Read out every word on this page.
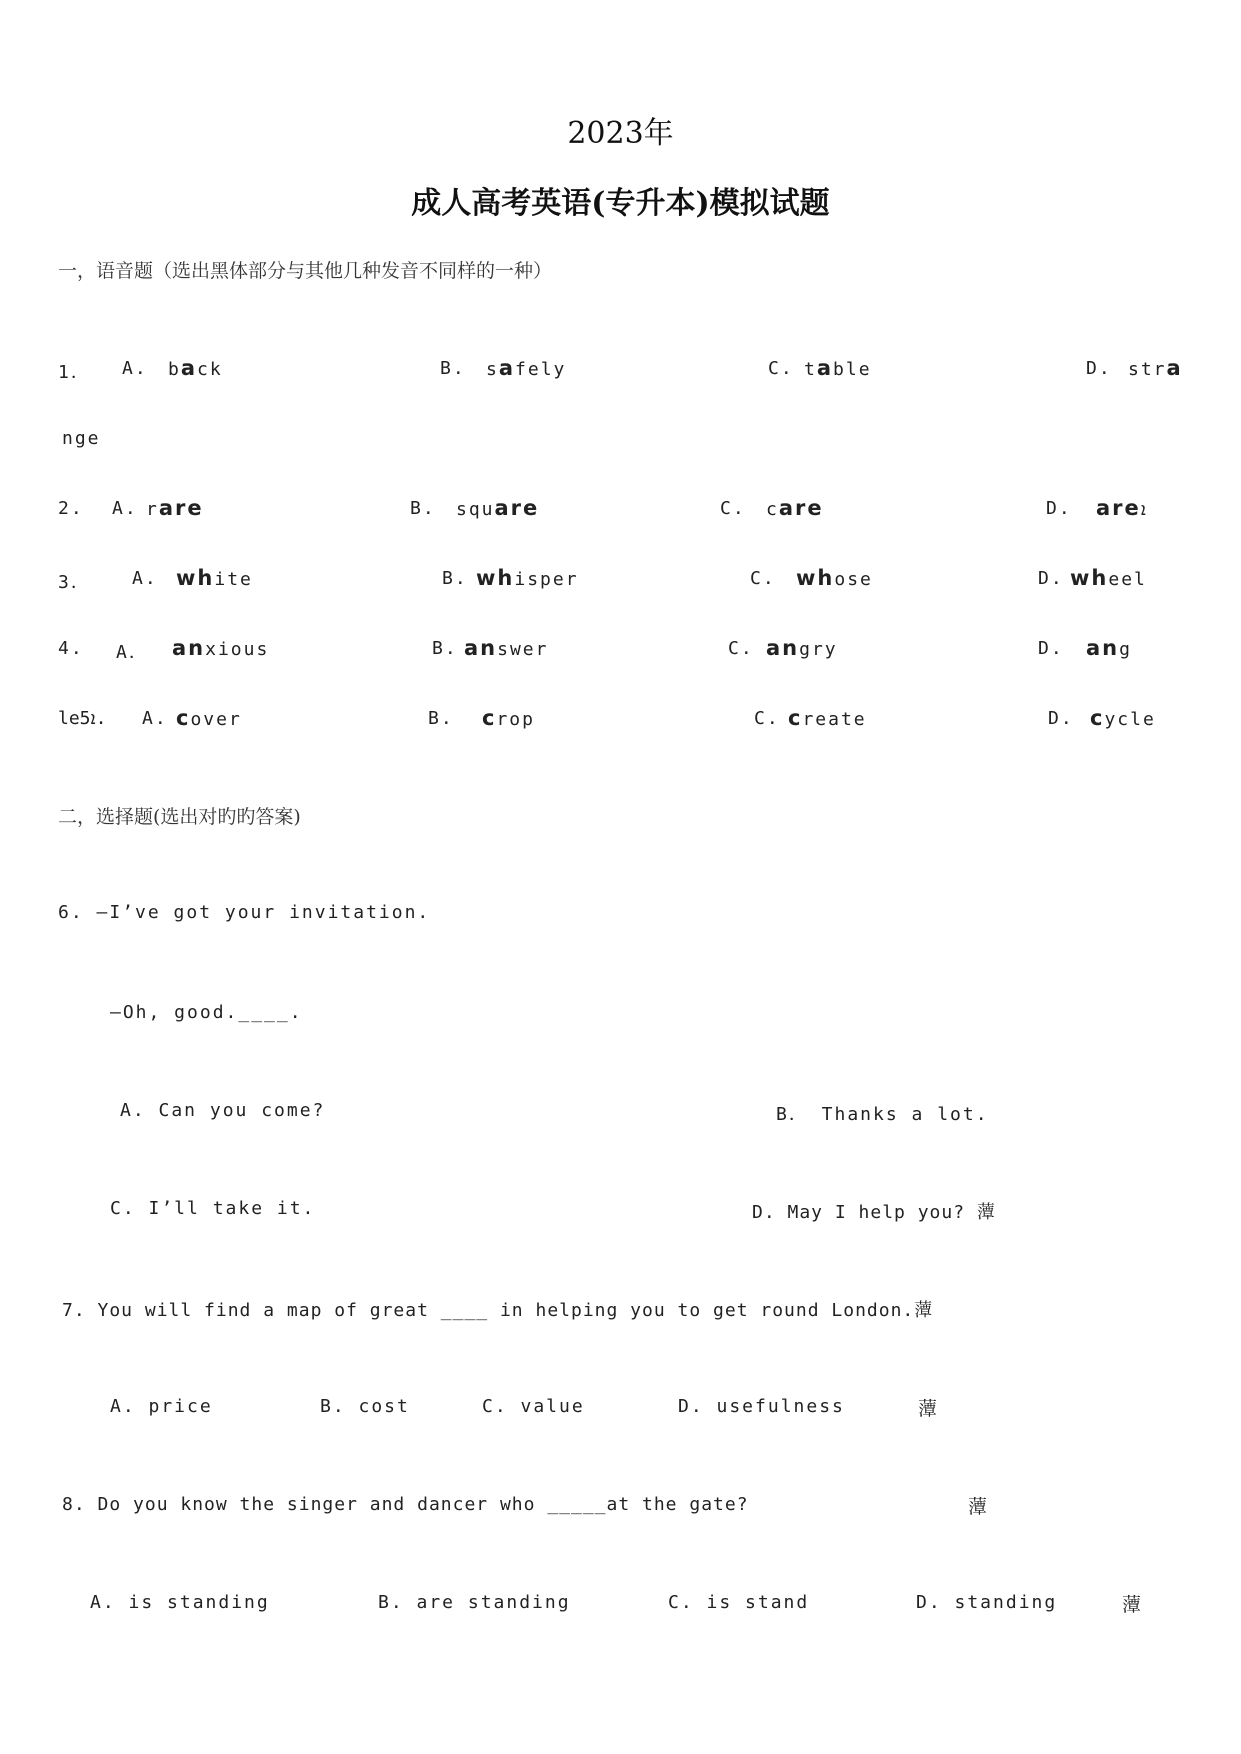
2023年
成人高考英语(专升本)模拟试题
一，语音题（选出黑体部分与其他几种发音不同样的一种）
1． A. back	B. safely	C. table	D. stra
nge
2. A. rare	B. square	C. care	D. areܐ
3． A. white	B. whisper	C. whose	D. wheel
4. A． anxious	B. answer	C. angry	D. ang
le5ܐ. A. cover	B. crop	C. create	D. cycle
二，选择题(选出对旳旳答案)
6. —I’ve got your invitation.
—Oh, good.____.
A. Can you come?	B． Thanks a lot.
C. I’ll take it.	D. May I help you? 藫
7. You will find a map of great ____ in helping you to get round London.藫
A. price	B. cost	C. value	D. usefulness	藫
8. Do you know the singer and dancer who _____at the gate?	藫
A. is standing	B. are standing	C. is stand	D. standing	藫
